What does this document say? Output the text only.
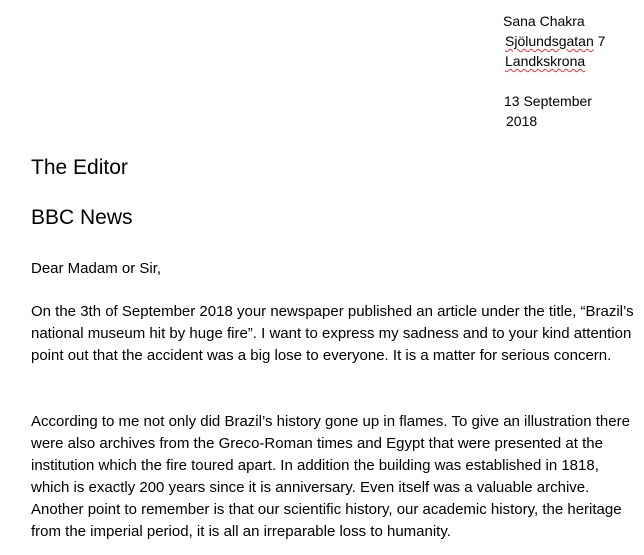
Sana Chakra
Sjölundsgatan 7
Landkskrona
13 September
2018
The Editor
BBC News
Dear Madam or Sir,

On the 3th of September 2018 your newspaper published an article under the title, “Brazil’s national museum hit by huge fire”. I want to express my sadness and to your kind attention point out that the accident was a big lose to everyone. It is a matter for serious concern.

According to me not only did Brazil’s history gone up in flames. To give an illustration there were also archives from the Greco-Roman times and Egypt that were presented at the institution which the fire toured apart. In addition the building was established in 1818, which is exactly 200 years since it is anniversary. Even itself was a valuable archive. Another point to remember is that our scientific history, our academic history, the heritage from the imperial period, it is all an irreparable loss to humanity.
